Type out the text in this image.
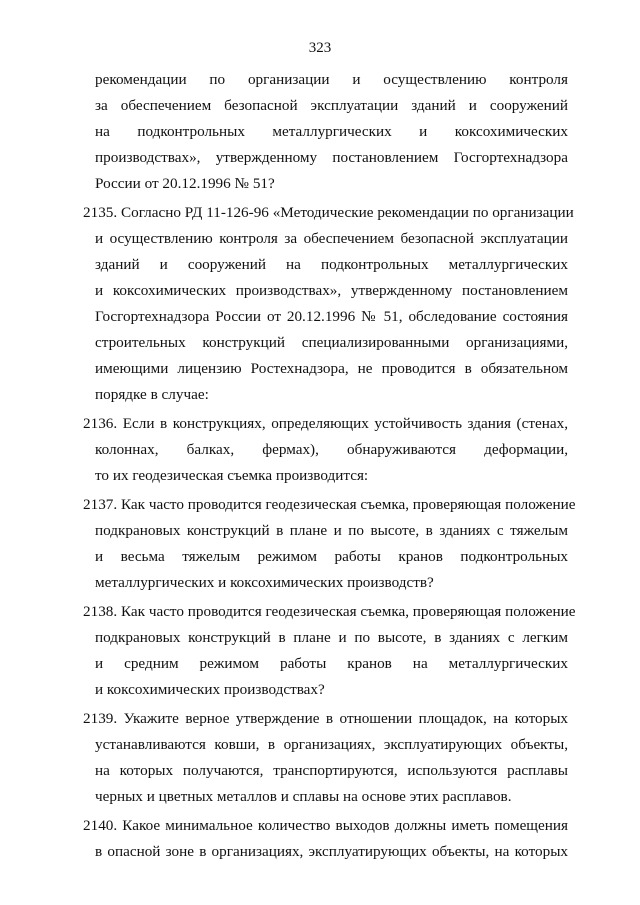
323
рекомендации по организации и осуществлению контроля
за обеспечением безопасной эксплуатации зданий и сооружений
на подконтрольных металлургических и коксохимических
производствах», утвержденному постановлением Госгортехнадзора
России от 20.12.1996 № 51?
2135. Согласно РД 11-126-96 «Методические рекомендации по организации
и осуществлению контроля за обеспечением безопасной эксплуатации
зданий и сооружений на подконтрольных металлургических
и коксохимических производствах», утвержденному постановлением
Госгортехнадзора России от 20.12.1996 № 51, обследование состояния
строительных конструкций специализированными организациями,
имеющими лицензию Ростехнадзора, не проводится в обязательном
порядке в случае:
2136. Если в конструкциях, определяющих устойчивость здания (стенах,
колоннах, балках, фермах), обнаруживаются деформации,
то их геодезическая съемка производится:
2137. Как часто проводится геодезическая съемка, проверяющая положение
подкрановых конструкций в плане и по высоте, в зданиях с тяжелым
и весьма тяжелым режимом работы кранов подконтрольных
металлургических и коксохимических производств?
2138. Как часто проводится геодезическая съемка, проверяющая положение
подкрановых конструкций в плане и по высоте, в зданиях с легким
и средним режимом работы кранов на металлургических
и коксохимических производствах?
2139. Укажите верное утверждение в отношении площадок, на которых
устанавливаются ковши, в организациях, эксплуатирующих объекты,
на которых получаются, транспортируются, используются расплавы
черных и цветных металлов и сплавы на основе этих расплавов.
2140. Какое минимальное количество выходов должны иметь помещения
в опасной зоне в организациях, эксплуатирующих объекты, на которых
